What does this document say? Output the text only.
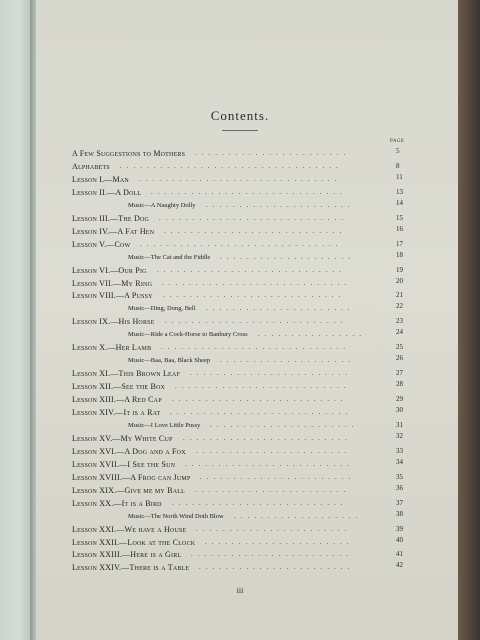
Contents.
PAGE
A Few Suggestions to Mothers .......................	5
Alphabets .................................	8
Lesson I.—Man ..............................	11
Lesson II.—A Doll .............................	13
Music—A Naughty Dolly ......................	14
Lesson III.—The Dog ............................	15
Lesson IV.—A Fat Hen ...........................	16
Lesson V.—Cow ..............................	17
Music—The Cat and the Fiddle ....................	18
Lesson VI.—Our Pig ............................	19
Lesson VII.—My Ring ............................	20
Lesson VIII.—A Pussy ...........................	21
Music—Ding, Dong, Bell ......................	22
Lesson IX.—His Horse ...........................	23
Music—Ride a Cock-Horse to Banbury Cross ................	24
Lesson X.—Her Lamb ............................	25
Music—Baa, Baa, Black Sheep ....................	26
Lesson XI.—This Brown Leaf ........................	27
Lesson XII.—See the Box ..........................	28
Lesson XIII.—A Red Cap ..........................	29
Lesson XIV.—It is a Rat ...........................	30
Music—I Love Little Pussy ......................	31
Lesson XV.—My White Cup .........................	32
Lesson XVI.—A Dog and a Fox .......................	33
Lesson XVII.—I See the Sun .........................	34
Lesson XVIII.—A Frog can Jump .......................	35
Lesson XIX.—Give me my Ball .......................	36
Lesson XX.—It is a Bird ..........................	37
Music—The North Wind Doth Blow ...................	38
Lesson XXI.—We have a House .......................	39
Lesson XXII.—Look at the Clock ......................	40
Lesson XXIII.—Here is a Girl ........................	41
Lesson XXIV.—There is a Table .......................	42
iii
